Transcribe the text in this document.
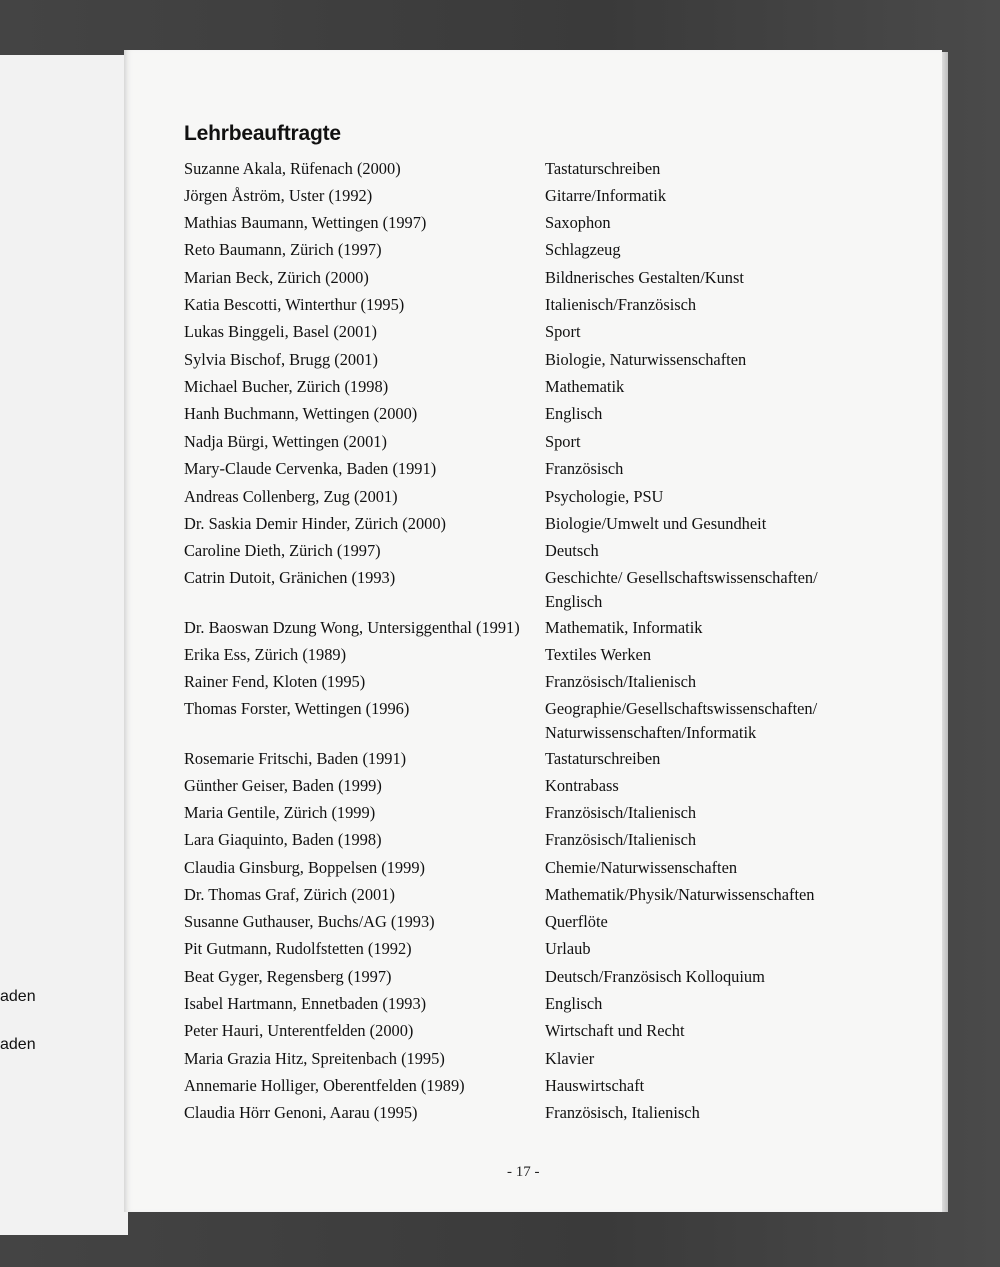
aden
aden
Lehrbeauftragte
Suzanne Akala, Rüfenach (2000)	Tastaturschreiben
Jörgen Åström, Uster (1992)	Gitarre/Informatik
Mathias Baumann, Wettingen (1997)	Saxophon
Reto Baumann, Zürich (1997)	Schlagzeug
Marian Beck, Zürich (2000)	Bildnerisches Gestalten/Kunst
Katia Bescotti, Winterthur (1995)	Italienisch/Französisch
Lukas Binggeli, Basel (2001)	Sport
Sylvia Bischof, Brugg (2001)	Biologie, Naturwissenschaften
Michael Bucher, Zürich (1998)	Mathematik
Hanh Buchmann, Wettingen (2000)	Englisch
Nadja Bürgi, Wettingen (2001)	Sport
Mary-Claude Cervenka, Baden (1991)	Französisch
Andreas Collenberg, Zug (2001)	Psychologie, PSU
Dr. Saskia Demir Hinder, Zürich (2000)	Biologie/Umwelt und Gesundheit
Caroline Dieth, Zürich (1997)	Deutsch
Catrin Dutoit, Gränichen (1993)	Geschichte/ Gesellschaftswissenschaften/ Englisch
Dr. Baoswan Dzung Wong, Untersiggenthal (1991) Mathematik, Informatik
Erika Ess, Zürich (1989)	Textiles Werken
Rainer Fend, Kloten (1995)	Französisch/Italienisch
Thomas Forster, Wettingen (1996)	Geographie/Gesellschaftswissenschaften/ Naturwissenschaften/Informatik
Rosemarie Fritschi, Baden (1991)	Tastaturschreiben
Günther Geiser, Baden (1999)	Kontrabass
Maria Gentile, Zürich (1999)	Französisch/Italienisch
Lara Giaquinto, Baden (1998)	Französisch/Italienisch
Claudia Ginsburg, Boppelsen (1999)	Chemie/Naturwissenschaften
Dr. Thomas Graf, Zürich (2001)	Mathematik/Physik/Naturwissenschaften
Susanne Guthauser, Buchs/AG (1993)	Querflöte
Pit Gutmann, Rudolfstetten (1992)	Urlaub
Beat Gyger, Regensberg (1997)	Deutsch/Französisch Kolloquium
Isabel Hartmann, Ennetbaden (1993)	Englisch
Peter Hauri, Unterentfelden (2000)	Wirtschaft und Recht
Maria Grazia Hitz, Spreitenbach (1995)	Klavier
Annemarie Holliger, Oberentfelden (1989)	Hauswirtschaft
Claudia Hörr Genoni, Aarau (1995)	Französisch, Italienisch
- 17 -
